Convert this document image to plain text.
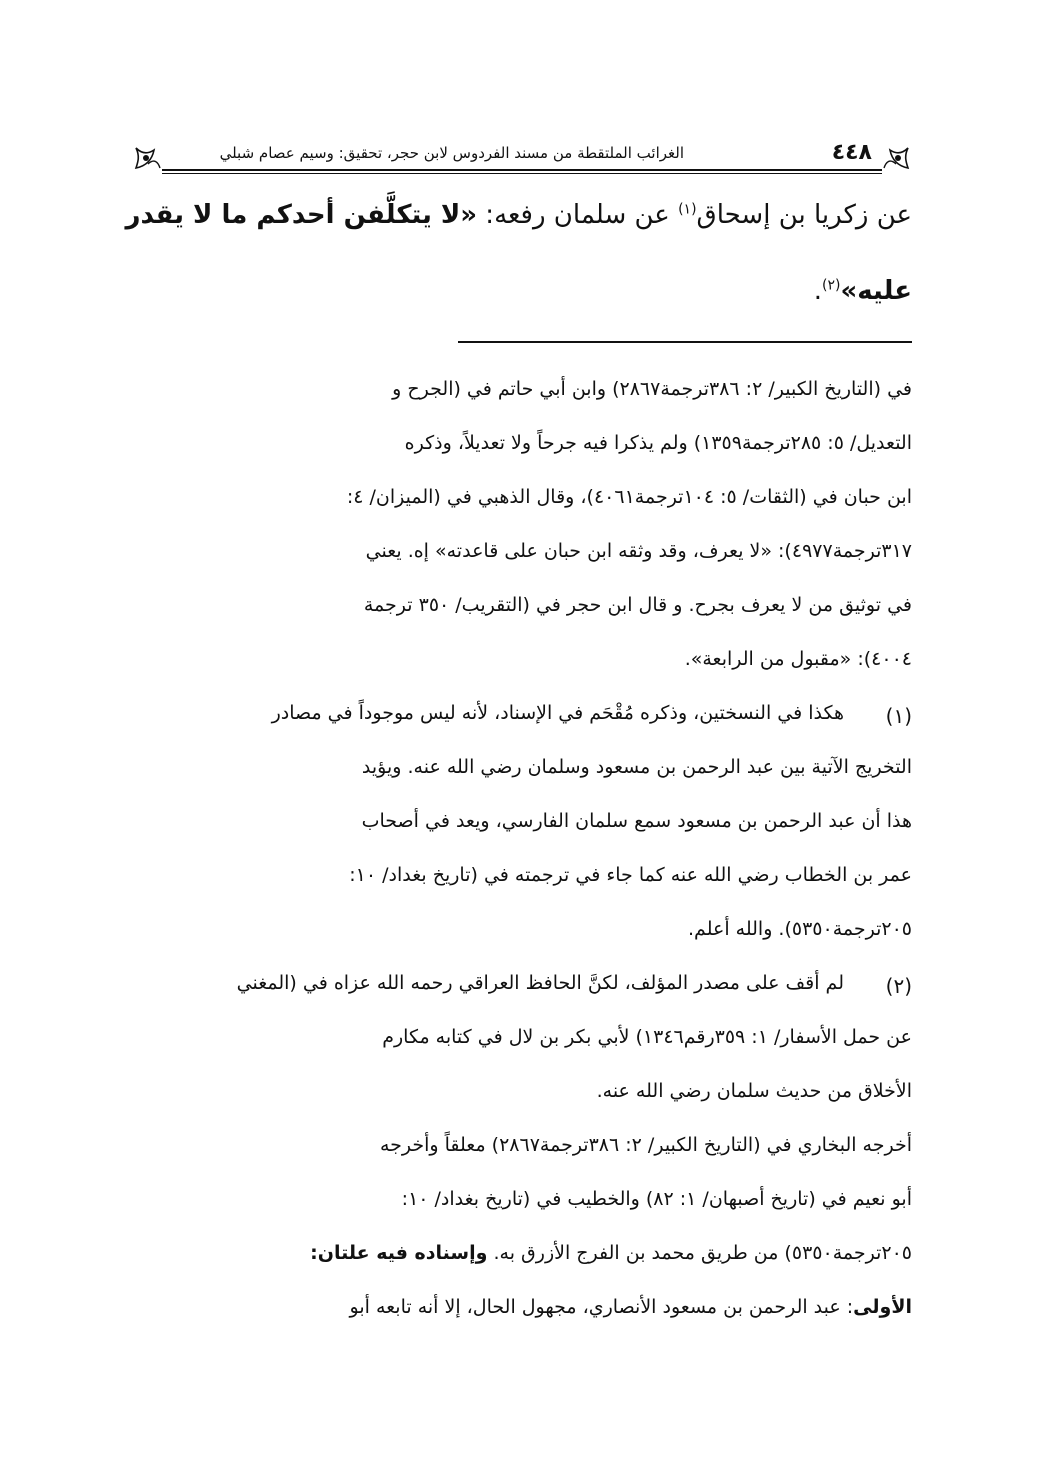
٤٤٨
الغرائب الملتقطة من مسند الفردوس لابن حجر، تحقيق: وسيم عصام شبلي
عن زكريا بن إسحاق$^{(١)}$ عن سلمان رفعه: «لا يتكلَّفن أحدكم ما لا يقدر
عليه»$^{(٢)}$.
في (التاريخ الكبير/ ٢: ٣٨٦ترجمة٢٨٦٧) وابن أبي حاتم في (الجرح و
التعديل/ ٥: ٢٨٥ترجمة١٣٥٩) ولم يذكرا فيه جرحاً ولا تعديلاً، وذكره
ابن حبان في (الثقات/ ٥: ١٠٤ترجمة٤٠٦١)، وقال الذهبي في (الميزان/ ٤:
٣١٧ترجمة٤٩٧٧): «لا يعرف، وقد وثقه ابن حبان على قاعدته» إه. يعني
في توثيق من لا يعرف بجرح. و قال ابن حجر في (التقريب/ ٣٥٠ ترجمة
٤٠٠٤): «مقبول من الرابعة».
(١)
هكذا في النسختين، وذكره مُقْحَم في الإسناد، لأنه ليس موجوداً في مصادر
التخريج الآتية بين عبد الرحمن بن مسعود وسلمان رضي الله عنه. ويؤيد
هذا أن عبد الرحمن بن مسعود سمع سلمان الفارسي، ويعد في أصحاب
عمر بن الخطاب رضي الله عنه كما جاء في ترجمته في (تاريخ بغداد/ ١٠:
٢٠٥ترجمة٥٣٥٠). والله أعلم.
(٢)
لم أقف على مصدر المؤلف، لكنَّ الحافظ العراقي رحمه الله عزاه في (المغني
عن حمل الأسفار/ ١: ٣٥٩رقم١٣٤٦) لأبي بكر بن لال في كتابه مكارم
الأخلاق من حديث سلمان رضي الله عنه.
أخرجه البخاري في (التاريخ الكبير/ ٢: ٣٨٦ترجمة٢٨٦٧) معلقاً وأخرجه
أبو نعيم في (تاريخ أصبهان/ ١: ٨٢) والخطيب في (تاريخ بغداد/ ١٠:
٢٠٥ترجمة٥٣٥٠) من طريق محمد بن الفرج الأزرق به. وإسناده فيه علتان:
الأولى: عبد الرحمن بن مسعود الأنصاري، مجهول الحال، إلا أنه تابعه أبو
